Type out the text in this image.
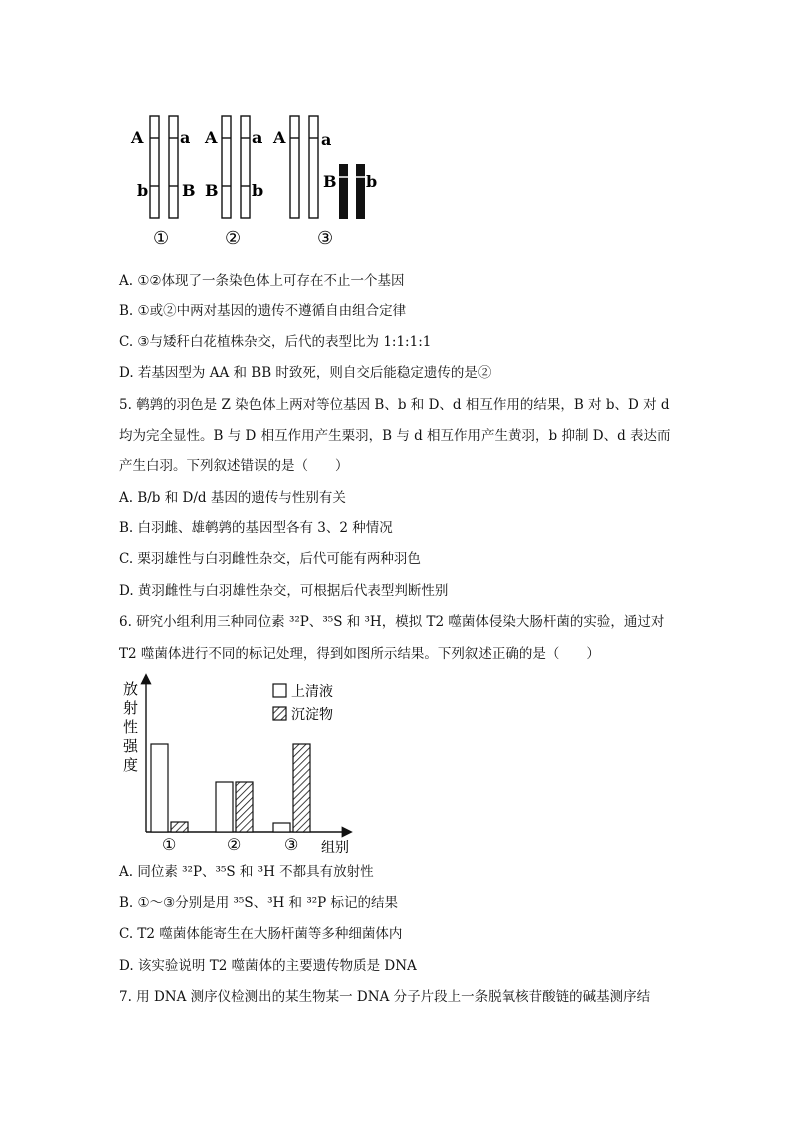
A a
b B
①
A a
B b
②
A a
B b
③
A. ①②体现了一条染色体上可存在不止一个基因
B. ①或②中两对基因的遗传不遵循自由组合定律
C. ③与矮秆白花植株杂交，后代的表型比为 1:1:1:1
D. 若基因型为 AA 和 BB 时致死，则自交后能稳定遗传的是②
5. 鹌鹑的羽色是 Z 染色体上两对等位基因 B、b 和 D、d 相互作用的结果，B 对 b、D 对 d
均为完全显性。B 与 D 相互作用产生栗羽，B 与 d 相互作用产生黄羽，b 抑制 D、d 表达而
产生白羽。下列叙述错误的是（　　）
A. B/b 和 D/d 基因的遗传与性别有关
B. 白羽雌、雄鹌鹑的基因型各有 3、2 种情况
C. 栗羽雄性与白羽雌性杂交，后代可能有两种羽色
D. 黄羽雌性与白羽雄性杂交，可根据后代表型判断性别
6. 研究小组利用三种同位素 ³²P、³⁵S 和 ³H，模拟 T2 噬菌体侵染大肠杆菌的实验，通过对
T2 噬菌体进行不同的标记处理，得到如图所示结果。下列叙述正确的是（　　）
放
射
性
强
度
①	②	③ 组别
上清液
沉淀物
A. 同位素 ³²P、³⁵S 和 ³H 不都具有放射性
B. ①～③分别是用 ³⁵S、³H 和 ³²P 标记的结果
C. T2 噬菌体能寄生在大肠杆菌等多种细菌体内
D. 该实验说明 T2 噬菌体的主要遗传物质是 DNA
7. 用 DNA 测序仪检测出的某生物某一 DNA 分子片段上一条脱氧核苷酸链的碱基测序结
